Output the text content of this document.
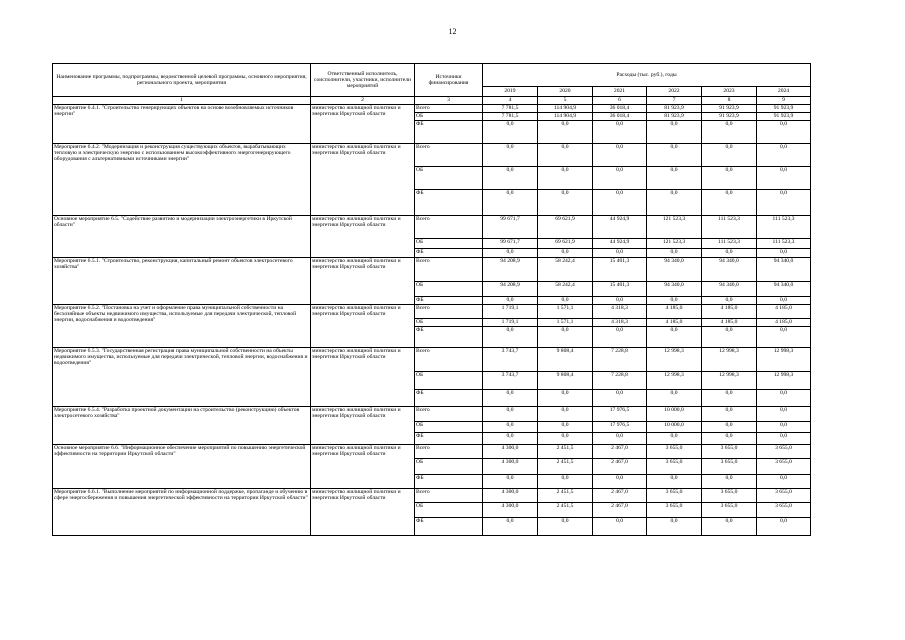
12
Наименование программы, подпрограммы, ведомственной целевой программы, основного мероприятия, регионального проекта, мероприятия	Ответственный исполнитель, соисполнители, участники, исполнители мероприятий	Источники финансирования	Расходы (тыс. руб.), годы					
			2019	2020	2021	2022	2023	2024
1	2	3	4	5	6	7	8	9
Мероприятие 6.4.1. "Строительство генерирующих объектов на основе возобновляемых источников энергии"	министерство жилищной политики и энергетики Иркутской области	Всего	7 781,5	114 904,9	36 018,4	81 923,9	91 923,9	91 923,9
		ОБ	7 781,5	114 904,9	36 018,4	81 923,9	91 923,9	91 923,9
		ФБ	0,0	0,0	0,0	0,0	0,0	0,0
Мероприятие 6.4.2. "Модернизация и реконструкция существующих объектов, вырабатывающих тепловую и электрическую энергию с использованием высокоэффективного энергогенерирующего оборудования с альтернативными источниками энергии"	министерство жилищной политики и энергетики Иркутской области	Всего	0,0	0,0	0,0	0,0	0,0	0,0
		ОБ	0,0	0,0	0,0	0,0	0,0	0,0
		ФБ	0,0	0,0	0,0	0,0	0,0	0,0
Основное мероприятие 6.5. "Содействие развитию и модернизации электроэнергетики в Иркутской области"	министерство жилищной политики и энергетики Иркутской области	Всего	99 671,7	69 621,9	44 924,9	121 523,3	111 523,3	111 523,3
		ОБ	99 671,7	69 621,9	44 924,9	121 523,3	111 523,3	111 523,3
		ФБ	0,0	0,0	0,0	0,0	0,0	0,0
Мероприятие 6.5.1. "Строительство, реконструкция, капитальный ремонт объектов электросетевого хозяйства"	министерство жилищной политики и энергетики Иркутской области	Всего	94 208,9	58 242,4	15 401,3	94 340,0	94 340,0	94 340,0
		ОБ	94 208,9	58 242,4	15 401,3	94 340,0	94 340,0	94 340,0
		ФБ	0,0	0,0	0,0	0,0	0,0	0,0
Мероприятие 6.5.2. "Постановка на учет и оформление права муниципальной собственности на бесхозяйные объекты недвижимого имущества, используемые для передачи электрической, тепловой энергии, водоснабжения и водоотведения"	министерство жилищной политики и энергетики Иркутской области	Всего	1 719,1	1 571,1	4 318,3	4 185,0	4 185,0	4 185,0
		ОБ	1 719,1	1 571,1	4 318,3	4 185,0	4 185,0	4 185,0
		ФБ	0,0	0,0	0,0	0,0	0,0	0,0
Мероприятие 6.5.3. "Государственная регистрация права муниципальной собственности на объекты недвижимого имущества, используемые для передачи электрической, тепловой энергии, водоснабжения и водоотведения"	министерство жилищной политики и энергетики Иркутской области	Всего	3 743,7	9 808,4	7 228,8	12 998,3	12 998,3	12 998,3
		ОБ	3 743,7	9 808,4	7 228,8	12 998,3	12 998,3	12 998,3
		ФБ	0,0	0,0	0,0	0,0	0,0	0,0
Мероприятие 6.5.4. "Разработка проектной документации на строительство (реконструкцию) объектов электросетевого хозяйства"	министерство жилищной политики и энергетики Иркутской области	Всего	0,0	0,0	17 976,5	10 000,0	0,0	0,0
		ОБ	0,0	0,0	17 976,5	10 000,0	0,0	0,0
		ФБ	0,0	0,0	0,0	0,0	0,0	0,0
Основное мероприятие 6.6. "Информационное обеспечение мероприятий по повышению энергетической эффективности на территории Иркутской области"	министерство жилищной политики и энергетики Иркутской области	Всего	4 300,0	2 451,5	2 467,0	3 655,0	3 655,0	3 655,0
		ОБ	4 300,0	2 451,5	2 467,0	3 655,0	3 655,0	3 655,0
		ФБ	0,0	0,0	0,0	0,0	0,0	0,0
Мероприятие 6.6.1. "Выполнение мероприятий по информационной поддержке, пропаганде и обучению в сфере энергосбережения и повышения энергетической эффективности на территории Иркутской области"	министерство жилищной политики и энергетики Иркутской области	Всего	4 300,0	2 451,5	2 467,0	3 655,0	3 655,0	3 655,0
		ОБ	4 300,0	2 451,5	2 467,0	3 655,0	3 655,0	3 655,0
		ФБ	0,0	0,0	0,0	0,0	0,0	0,0
